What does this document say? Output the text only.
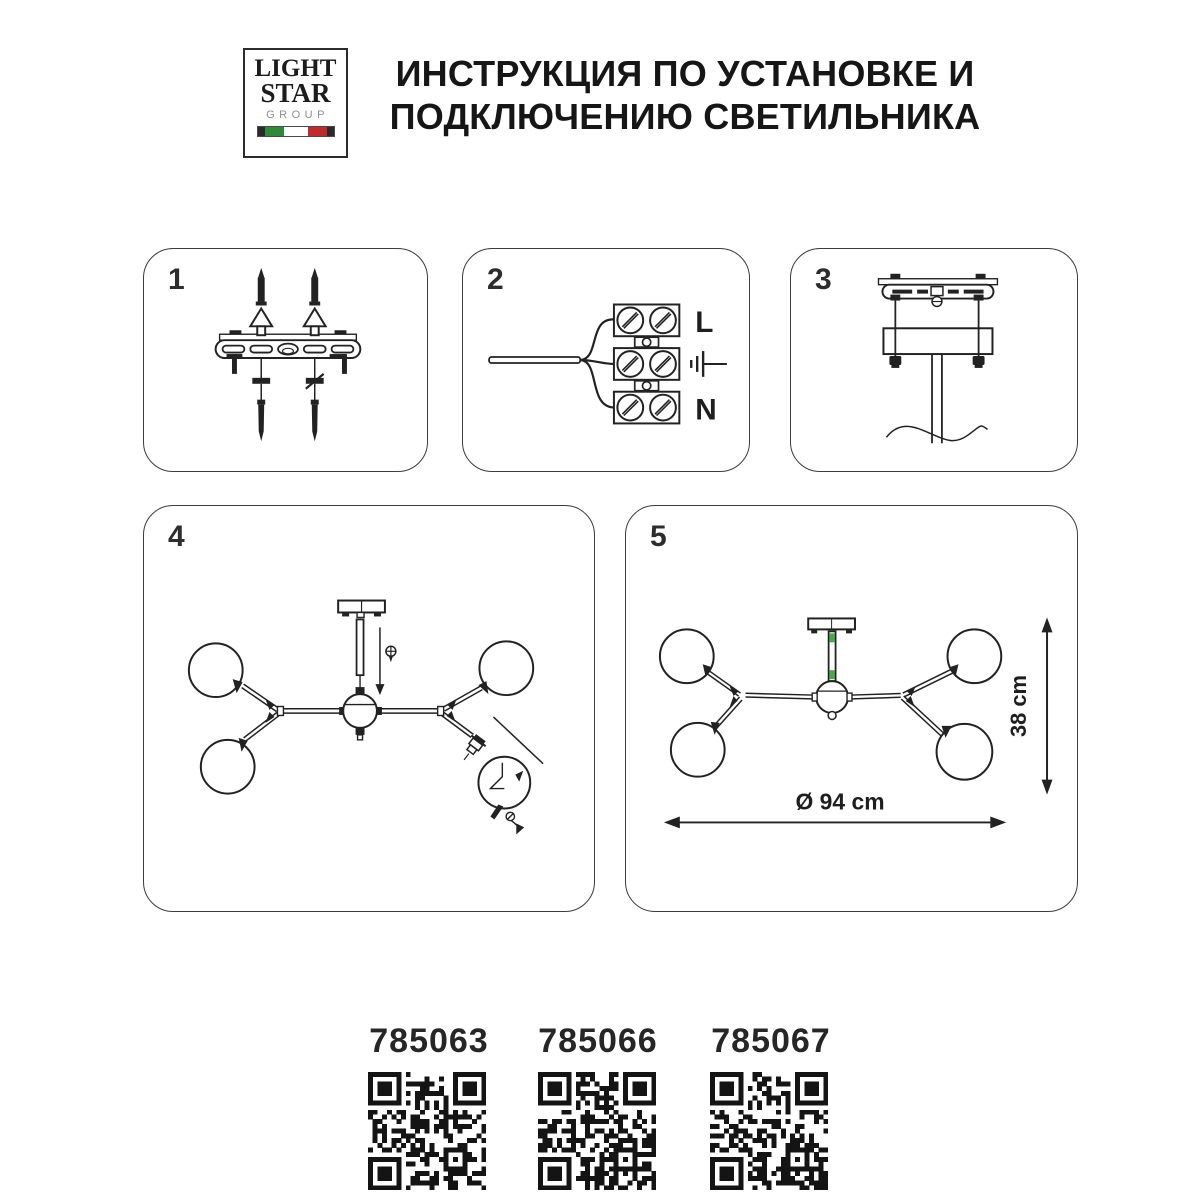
LIGHT
STAR
GROUP
ИНСТРУКЦИЯ ПО УСТАНОВКЕ И
ПОДКЛЮЧЕНИЮ СВЕТИЛЬНИКА
1	2
L
N
3
4	5
38 cm
Ø 94 cm
785063 785066 785067
